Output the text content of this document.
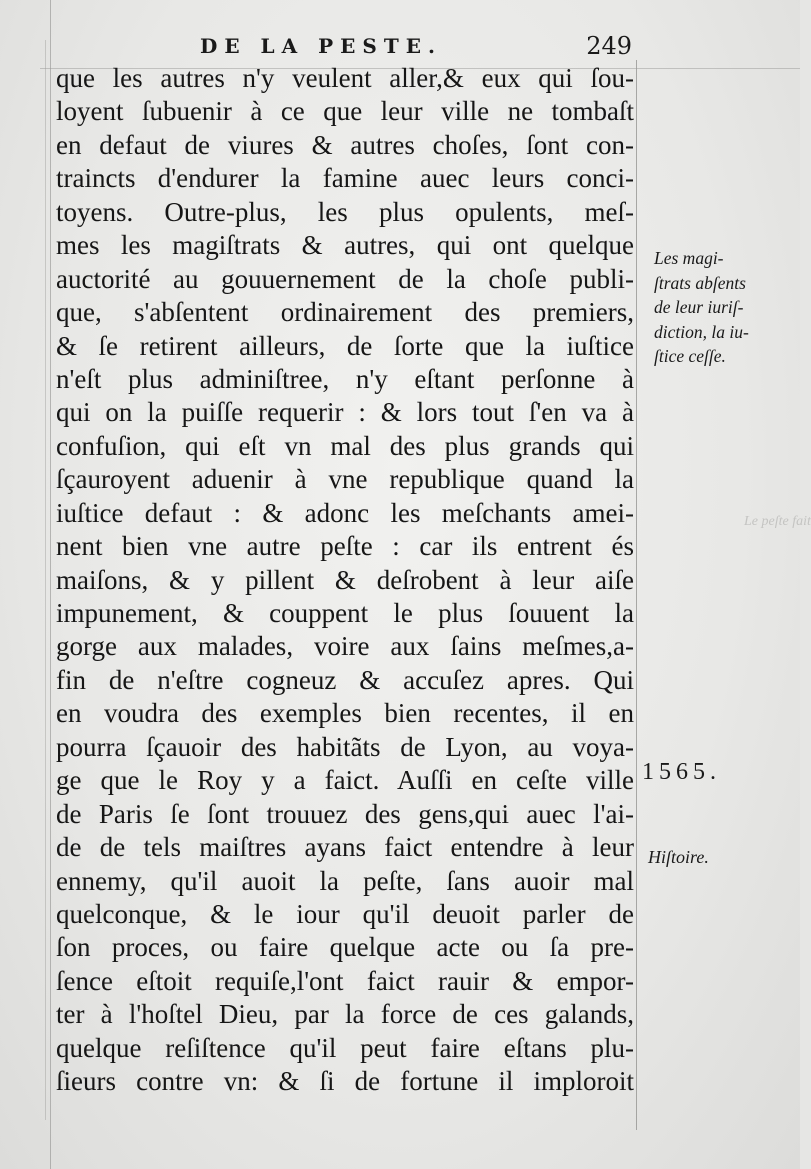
DE LA PESTE.	249
que les autres n'y veulent aller,& eux qui ſou-
loyent ſubuenir à ce que leur ville ne tombaſt
en defaut de viures & autres choſes, ſont con-
traincts d'endurer la famine auec leurs conci-
toyens. Outre-plus, les plus opulents, meſ-
mes les magiſtrats & autres, qui ont quelque
auctorité au gouuernement de la choſe publi-
que, s'abſentent ordinairement des premiers,
& ſe retirent ailleurs, de ſorte que la iuſtice
n'eſt plus adminiſtree, n'y eſtant perſonne à
qui on la puiſſe requerir : & lors tout ſ'en va à
confuſion, qui eſt vn mal des plus grands qui
ſçauroyent aduenir à vne republique quand la
iuſtice defaut : & adonc les meſchants amei-
nent bien vne autre peſte : car ils entrent és
maiſons, & y pillent & deſrobent à leur aiſe
impunement, & couppent le plus ſouuent la
gorge aux malades, voire aux ſains meſmes,a-
fin de n'eſtre cogneuz & accuſez apres. Qui
en voudra des exemples bien recentes, il en
pourra ſçauoir des habitãts de Lyon, au voya-
ge que le Roy y a faict. Auſſi en ceſte ville
de Paris ſe ſont trouuez des gens,qui auec l'ai-
de de tels maiſtres ayans faict entendre à leur
ennemy, qu'il auoit la peſte, ſans auoir mal
quelconque, & le iour qu'il deuoit parler de
ſon proces, ou faire quelque acte ou ſa pre-
ſence eſtoit requiſe,l'ont faict rauir & empor-
ter à l'hoſtel Dieu, par la force de ces galands,
quelque reſiſtence qu'il peut faire eſtans plu-
ſieurs contre vn: & ſi de fortune il imploroit
Les magi-
ſtrats abſents
de leur iuriſ-
diction, la iu-
ſtice ceſſe.
1565.
Hiſtoire.
Le peſte fait
